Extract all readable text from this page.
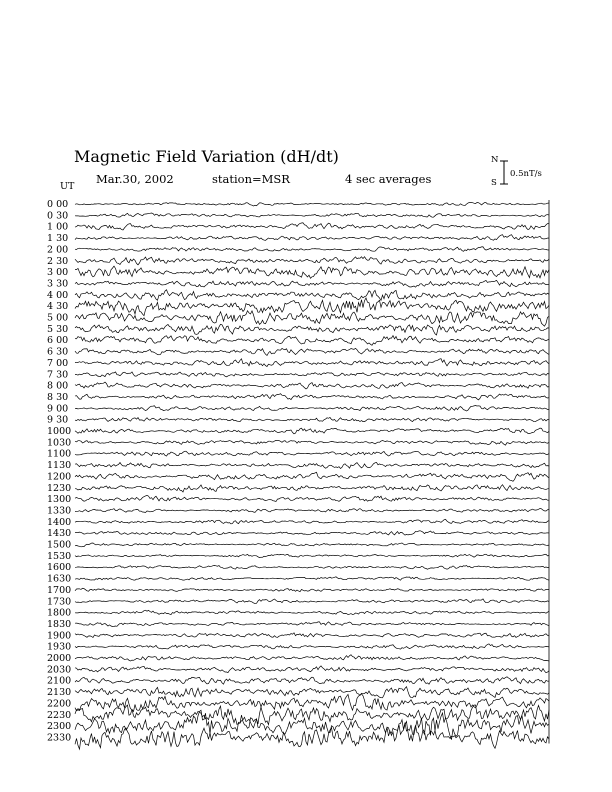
Magnetic Field Variation (dH/dt)
Mar.30, 2002	station=MSR	4 sec averages
UT
N
S
0.5nT/s
0 00
0 30
1 00
1 30
2 00
2 30
3 00
3 30
4 00
4 30
5 00
5 30
6 00
6 30
7 00
7 30
8 00
8 30
9 00
9 30
1000
1030
1100
1130
1200
1230
1300
1330
1400
1430
1500
1530
1600
1630
1700
1730
1800
1830
1900
1930
2000
2030
2100
2130
2200
2230
2300
2330
